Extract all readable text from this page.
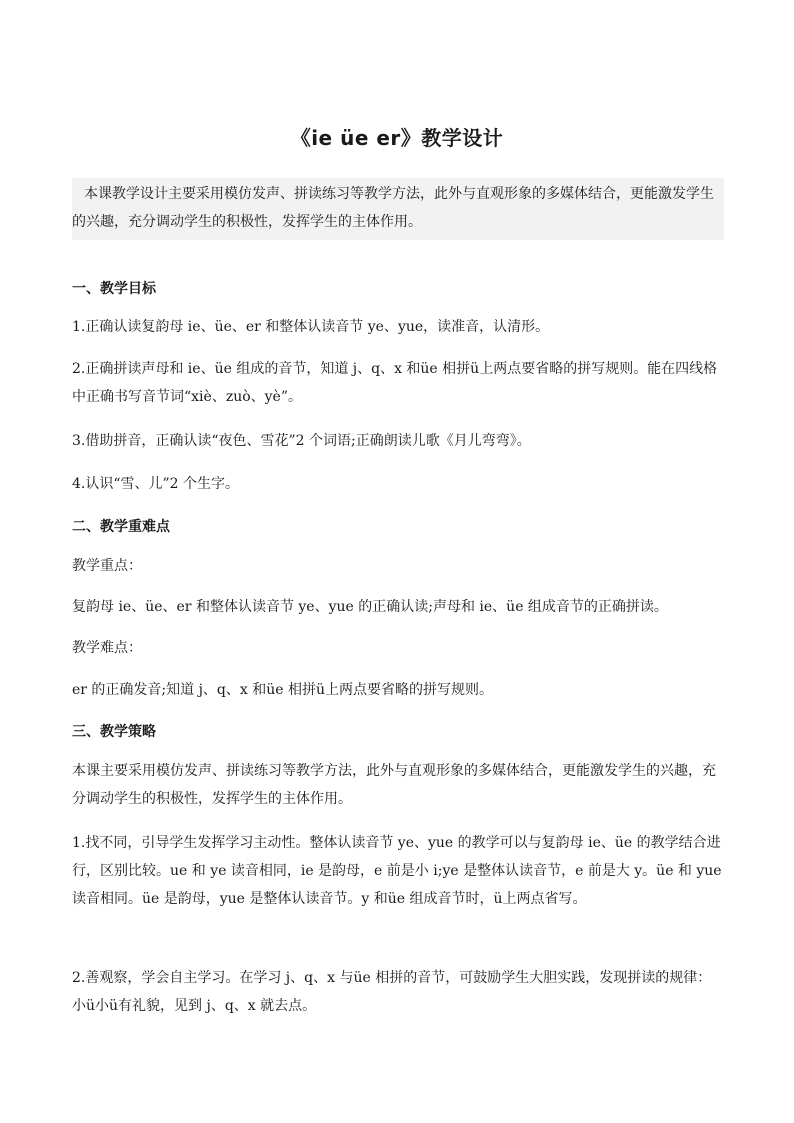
《ie üe er》教学设计
本课教学设计主要采用模仿发声、拼读练习等教学方法，此外与直观形象的多媒体结合，更能激发学生的兴趣，充分调动学生的积极性，发挥学生的主体作用。
一、教学目标
1.正确认读复韵母 ie、üe、er 和整体认读音节 ye、yue，读准音，认清形。
2.正确拼读声母和 ie、üe 组成的音节，知道 j、q、x 和üe 相拼ü上两点要省略的拼写规则。能在四线格中正确书写音节词“xiè、zuò、yè”。
3.借助拼音，正确认读“夜色、雪花”2 个词语;正确朗读儿歌《月儿弯弯》。
4.认识“雪、儿”2 个生字。
二、教学重难点
教学重点：
复韵母 ie、üe、er 和整体认读音节 ye、yue 的正确认读;声母和 ie、üe 组成音节的正确拼读。
教学难点：
er 的正确发音;知道 j、q、x 和üe 相拼ü上两点要省略的拼写规则。
三、教学策略
本课主要采用模仿发声、拼读练习等教学方法，此外与直观形象的多媒体结合，更能激发学生的兴趣，充分调动学生的积极性，发挥学生的主体作用。
1.找不同，引导学生发挥学习主动性。整体认读音节 ye、yue 的教学可以与复韵母 ie、üe 的教学结合进行，区别比较。ue 和 ye 读音相同，ie 是韵母，e 前是小 i;ye 是整体认读音节，e 前是大 y。üe 和 yue 读音相同。üe 是韵母，yue 是整体认读音节。y 和üe 组成音节时，ü上两点省写。
2.善观察，学会自主学习。在学习 j、q、x 与üe 相拼的音节，可鼓励学生大胆实践，发现拼读的规律：小ü小ü有礼貌，见到 j、q、x 就去点。
